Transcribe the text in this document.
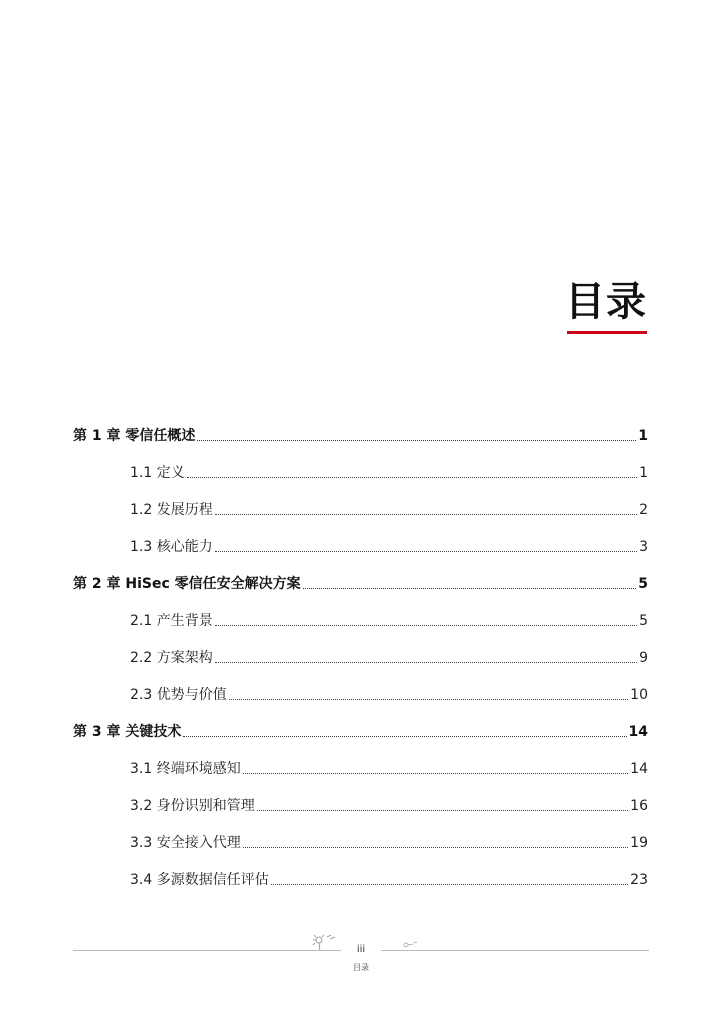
目录
第 1 章 零信任概述	1
1.1 定义	1
1.2 发展历程	2
1.3 核心能力	3
第 2 章 HiSec 零信任安全解决方案	5
2.1 产生背景	5
2.2 方案架构	9
2.3 优势与价值	10
第 3 章 关键技术	14
3.1 终端环境感知	14
3.2 身份识别和管理	16
3.3 安全接入代理	19
3.4 多源数据信任评估	23
iii
目录
